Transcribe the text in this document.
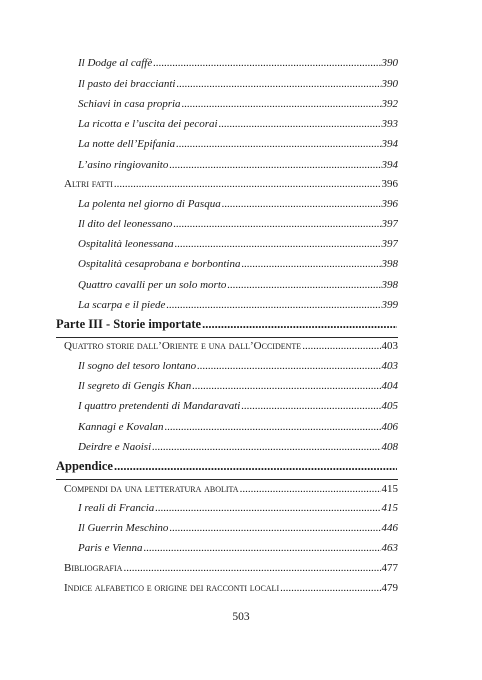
Il Dodge al caffè .....	390
Il pasto dei braccianti .....	390
Schiavi in casa propria .....	392
La ricotta e l’uscita dei pecorai .....	393
La notte dell’Epifania .....	394
L’asino ringiovanito .....	394
Altri fatti .....	396
La polenta nel giorno di Pasqua .....	396
Il dito del leonessano .....	397
Ospitalità leonessana .....	397
Ospitalità cesaprobana e borbontina .....	398
Quattro cavalli per un solo morto .....	398
La scarpa e il piede .....	399
Parte III - Storie importate
.....
Quattro storie dall’Oriente e una dall’Occidente .....	403
Il sogno del tesoro lontano .....	403
Il segreto di Gengis Khan .....	404
I quattro pretendenti di Mandaravati .....	405
Kannagi e Kovalan .....	406
Deirdre e Naoisi .....	408
Appendice
.....
Compendi da una letteratura abolita .....	415
I reali di Francia .....	415
Il Guerrin Meschino .....	446
Paris e Vienna .....	463
Bibliografia .....	477
Indice alfabetico e origine dei racconti locali .....	479
503
